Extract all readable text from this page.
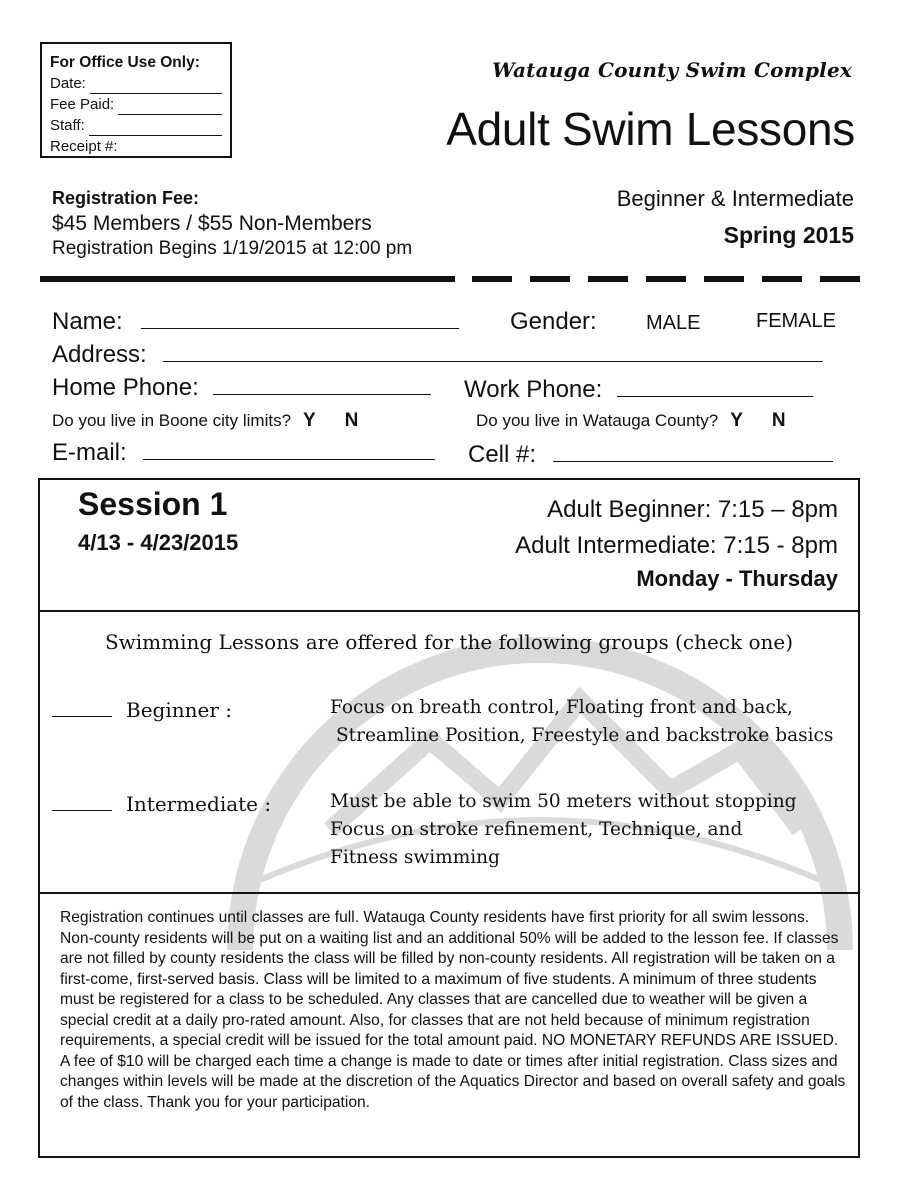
For Office Use Only:
Date:
Fee Paid:
Staff:
Receipt #:
Watauga County Swim Complex
Adult Swim Lessons
Registration Fee:
$45 Members / $55 Non-Members
Registration Begins 1/19/2015 at 12:00 pm
Beginner & Intermediate
Spring 2015
Name:	Gender: MALE	FEMALE
Address:
Home Phone:	Work Phone:
Do you live in Boone city limits? Y N	Do you live in Watauga County? Y N
E-mail:	Cell #:
Session 1
4/13 - 4/23/2015
Adult Beginner: 7:15 – 8pm
Adult Intermediate: 7:15 - 8pm
Monday - Thursday
Swimming Lessons are offered for the following groups (check one)
Beginner :	Focus on breath control, Floating front and back,
Streamline Position, Freestyle and backstroke basics
Intermediate :	Must be able to swim 50 meters without stopping
Focus on stroke refinement, Technique, and
Fitness swimming
Registration continues until classes are full. Watauga County residents have first priority for all swim lessons. Non-county residents will be put on a waiting list and an additional 50% will be added to the lesson fee. If classes are not filled by county residents the class will be filled by non-county residents. All registration will be taken on a first-come, first-served basis. Class will be limited to a maximum of five students. A minimum of three students must be registered for a class to be scheduled. Any classes that are cancelled due to weather will be given a special credit at a daily pro-rated amount. Also, for classes that are not held because of minimum registration requirements, a special credit will be issued for the total amount paid. NO MONETARY REFUNDS ARE ISSUED. A fee of $10 will be charged each time a change is made to date or times after initial registration. Class sizes and changes within levels will be made at the discretion of the Aquatics Director and based on overall safety and goals of the class. Thank you for your participation.
